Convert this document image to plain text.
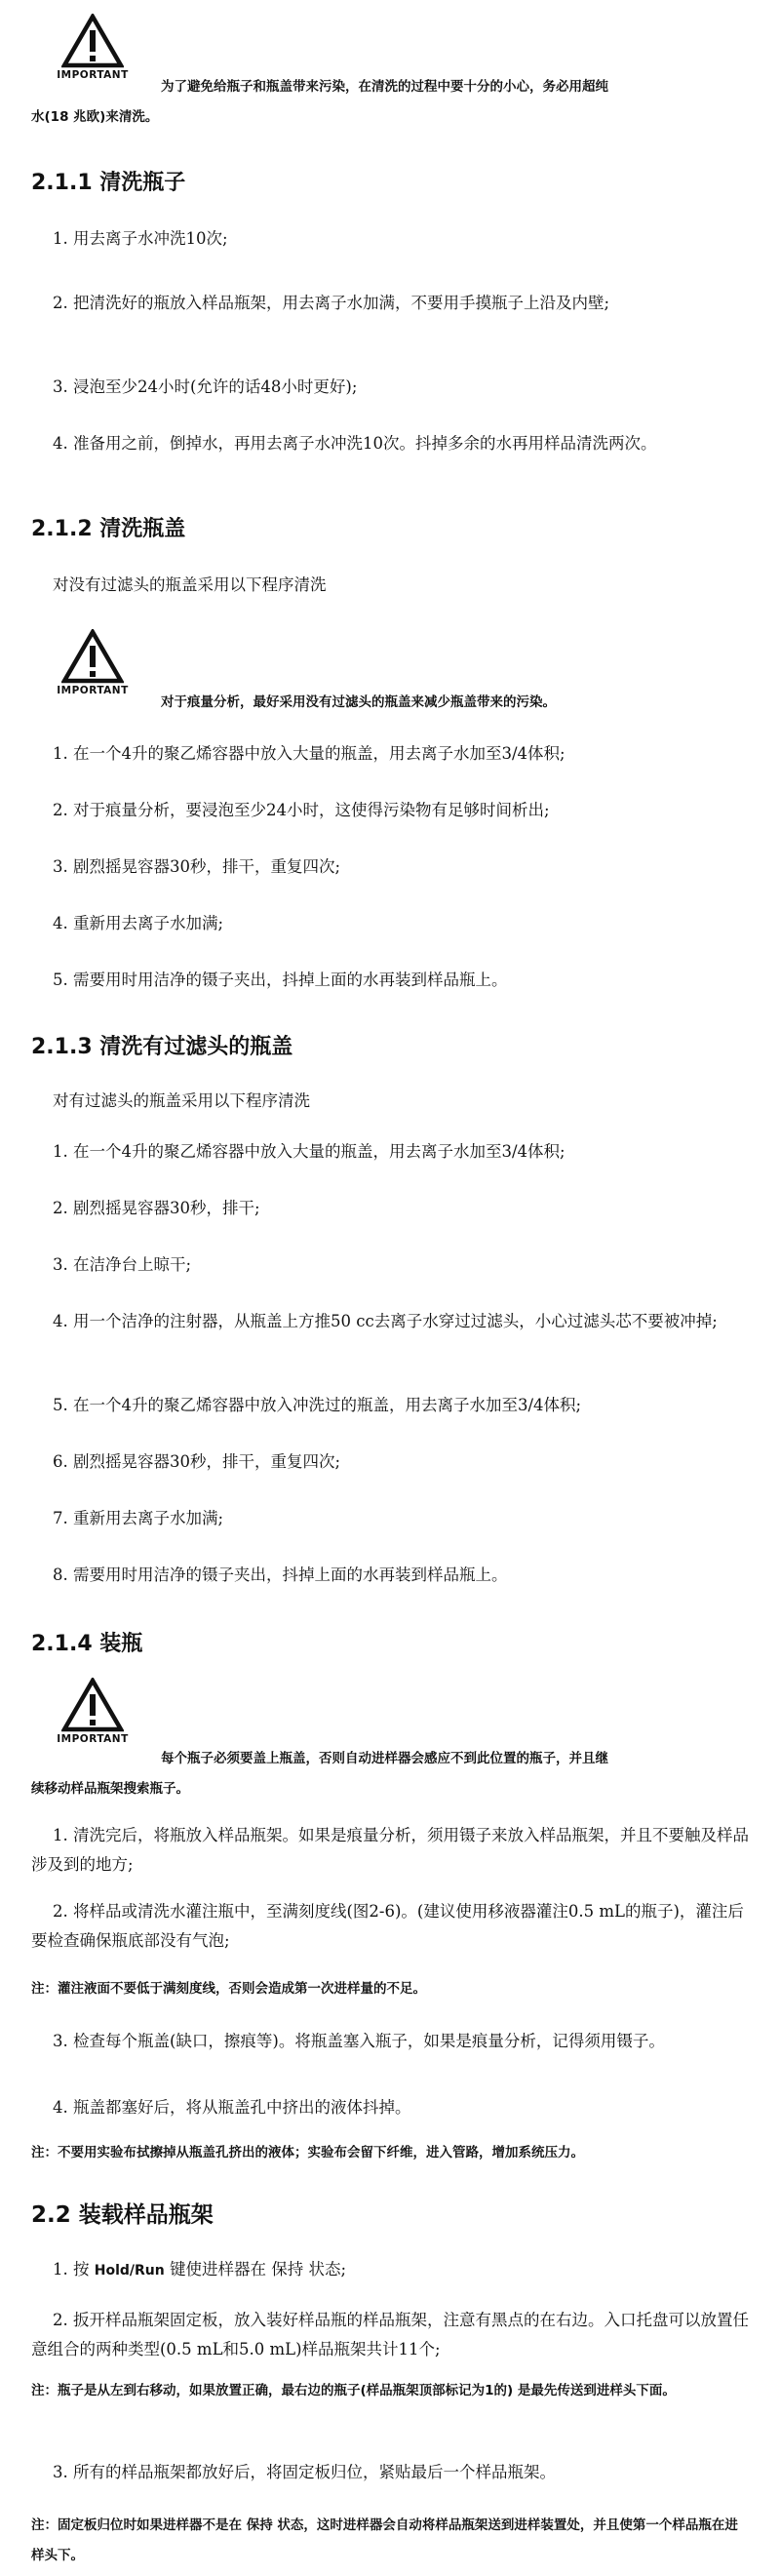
IMPORTANT
为了避免给瓶子和瓶盖带来污染，在清洗的过程中要十分的小心，务必用超纯
水(18 兆欧)来清洗。
2.1.1 清洗瓶子

1. 用去离子水冲洗10次;

2. 把清洗好的瓶放入样品瓶架，用去离子水加满，不要用手摸瓶子上沿及内壁;

3. 浸泡至少24小时(允许的话48小时更好);

4. 准备用之前，倒掉水，再用去离子水冲洗10次。抖掉多余的水再用样品清洗两次。

2.1.2 清洗瓶盖

对没有过滤头的瓶盖采用以下程序清洗

IMPORTANT
对于痕量分析，最好采用没有过滤头的瓶盖来减少瓶盖带来的污染。

1. 在一个4升的聚乙烯容器中放入大量的瓶盖，用去离子水加至3/4体积;

2. 对于痕量分析，要浸泡至少24小时，这使得污染物有足够时间析出;

3. 剧烈摇晃容器30秒，排干，重复四次;

4. 重新用去离子水加满;

5. 需要用时用洁净的镊子夹出，抖掉上面的水再装到样品瓶上。

2.1.3 清洗有过滤头的瓶盖

对有过滤头的瓶盖采用以下程序清洗

1. 在一个4升的聚乙烯容器中放入大量的瓶盖，用去离子水加至3/4体积;

2. 剧烈摇晃容器30秒，排干;

3. 在洁净台上晾干;

4. 用一个洁净的注射器，从瓶盖上方推50 cc去离子水穿过过滤头，小心过滤头芯不要被冲掉;

5. 在一个4升的聚乙烯容器中放入冲洗过的瓶盖，用去离子水加至3/4体积;

6. 剧烈摇晃容器30秒，排干，重复四次;

7. 重新用去离子水加满;

8. 需要用时用洁净的镊子夹出，抖掉上面的水再装到样品瓶上。

2.1.4 装瓶
IMPORTANT
每个瓶子必须要盖上瓶盖，否则自动进样器会感应不到此位置的瓶子，并且继
续移动样品瓶架搜索瓶子。

1. 清洗完后，将瓶放入样品瓶架。如果是痕量分析，须用镊子来放入样品瓶架，并且不要触及样品涉及到的地方;

2. 将样品或清洗水灌注瓶中，至满刻度线(图2-6)。(建议使用移液器灌注0.5 mL的瓶子)，灌注后要检查确保瓶底部没有气泡;

注：灌注液面不要低于满刻度线，否则会造成第一次进样量的不足。

3. 检查每个瓶盖(缺口，擦痕等)。将瓶盖塞入瓶子，如果是痕量分析，记得须用镊子。

4. 瓶盖都塞好后，将从瓶盖孔中挤出的液体抖掉。

注：不要用实验布拭擦掉从瓶盖孔挤出的液体；实验布会留下纤维，进入管路，增加系统压力。

2.2 装载样品瓶架

1. 按 Hold/Run 键使进样器在 保持 状态;

2. 扳开样品瓶架固定板，放入装好样品瓶的样品瓶架，注意有黑点的在右边。入口托盘可以放置任意组合的两种类型(0.5 mL和5.0 mL)样品瓶架共计11个;

注：瓶子是从左到右移动，如果放置正确，最右边的瓶子(样品瓶架顶部标记为1的) 是最先传送到进样头下面。

3. 所有的样品瓶架都放好后，将固定板归位，紧贴最后一个样品瓶架。

注：固定板归位时如果进样器不是在 保持 状态，这时进样器会自动将样品瓶架送到进样装置处，并且使第一个样品瓶在进样头下。
